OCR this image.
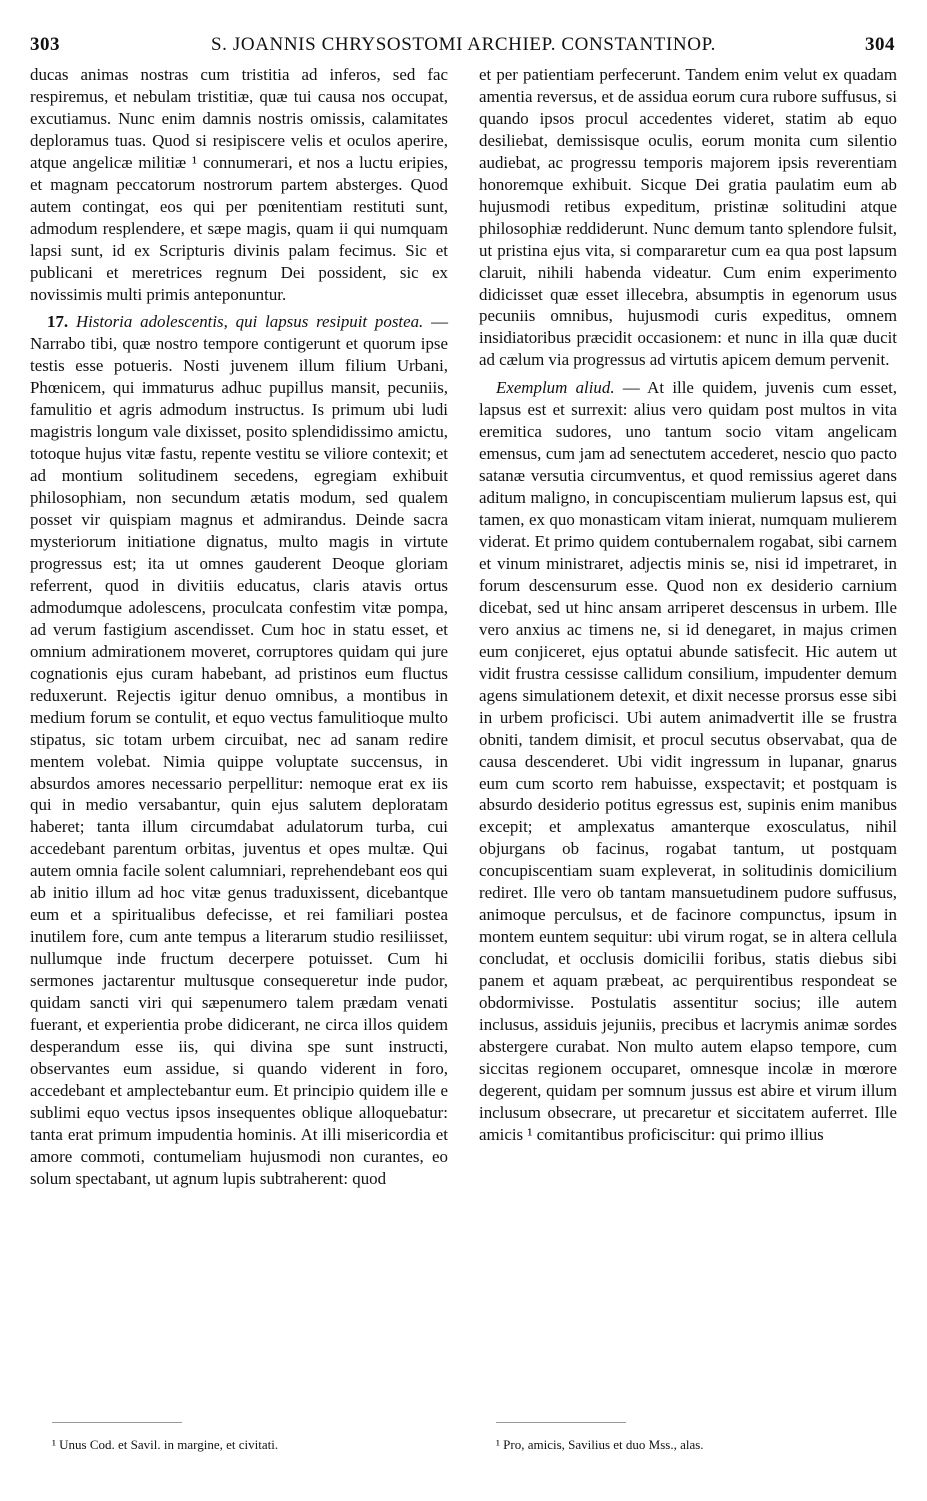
303	S. JOANNIS CHRYSOSTOMI ARCHIEP. CONSTANTINOP.	304

ducas animas nostras cum tristitia ad inferos, sed fac respiremus, et nebulam tristitiæ, quæ tui causa nos occupat, excutiamus. Nunc enim damnis nostris omissis, calamitates deploramus tuas. Quod si resipiscere velis et oculos aperire, atque angelicæ militiæ ¹ connumerari, et nos a luctu eripies, et magnam peccatorum nostrorum partem absterges. Quod autem contingat, eos qui per pœnitentiam restituti sunt, admodum resplendere, et sæpe magis, quam ii qui numquam lapsi sunt, id ex Scripturis divinis palam fecimus. Sic et publicani et meretrices regnum Dei possident, sic ex novissimis multi primis anteponuntur.

17. Historia adolescentis, qui lapsus resipuit postea. — Narrabo tibi, quæ nostro tempore contigerunt et quorum ipse testis esse potueris. Nosti juvenem illum filium Urbani, Phœnicem, qui immaturus adhuc pupillus mansit, pecuniis, famulitio et agris admodum instructus. Is primum ubi ludi magistris longum vale dixisset, posito splendidissimo amictu, totoque hujus vitæ fastu, repente vestitu se viliore contexit; et ad montium solitudinem secedens, egregiam exhibuit philosophiam, non secundum ætatis modum, sed qualem posset vir quispiam magnus et admirandus. Deinde sacra mysteriorum initiatione dignatus, multo magis in virtute progressus est; ita ut omnes gauderent Deoque gloriam referrent, quod in divitiis educatus, claris atavis ortus admodumque adolescens, proculcata confestim vitæ pompa, ad verum fastigium ascendisset. Cum hoc in statu esset, et omnium admirationem moveret, corruptores quidam qui jure cognationis ejus curam habebant, ad pristinos eum fluctus reduxerunt. Rejectis igitur denuo omnibus, a montibus in medium forum se contulit, et equo vectus famulitioque multo stipatus, sic totam urbem circuibat, nec ad sanam redire mentem volebat. Nimia quippe voluptate succensus, in absurdos amores necessario perpellitur: nemoque erat ex iis qui in medio versabantur, quin ejus salutem deploratam haberet; tanta illum circumdabat adulatorum turba, cui accedebant parentum orbitas, juventus et opes multæ. Qui autem omnia facile solent calumniari, reprehendebant eos qui ab initio illum ad hoc vitæ genus traduxissent, dicebantque eum et a spiritualibus defecisse, et rei familiari postea inutilem fore, cum ante tempus a literarum studio resiliisset, nullumque inde fructum decerpere potuisset. Cum hi sermones jactarentur multusque consequeretur inde pudor, quidam sancti viri qui sæpenumero talem prædam venati fuerant, et experientia probe didicerant, ne circa illos quidem desperandum esse iis, qui divina spe sunt instructi, observantes eum assidue, si quando viderent in foro, accedebant et amplectebantur eum. Et principio quidem ille e sublimi equo vectus ipsos insequentes oblique alloquebatur: tanta erat primum impudentia hominis. At illi misericordia et amore commoti, contumeliam hujusmodi non curantes, eo solum spectabant, ut agnum lupis subtraherent: quod

et per patientiam perfecerunt. Tandem enim velut ex quadam amentia reversus, et de assidua eorum cura rubore suffusus, si quando ipsos procul accedentes videret, statim ab equo desiliebat, demissisque oculis, eorum monita cum silentio audiebat, ac progressu temporis majorem ipsis reverentiam honoremque exhibuit. Sicque Dei gratia paulatim eum ab hujusmodi retibus expeditum, pristinæ solitudini atque philosophiæ reddiderunt. Nunc demum tanto splendore fulsit, ut pristina ejus vita, si compararetur cum ea qua post lapsum claruit, nihili habenda videatur. Cum enim experimento didicisset quæ esset illecebra, absumptis in egenorum usus pecuniis omnibus, hujusmodi curis expeditus, omnem insidiatoribus præcidit occasionem: et nunc in illa quæ ducit ad cælum via progressus ad virtutis apicem demum pervenit.

Exemplum aliud. — At ille quidem, juvenis cum esset, lapsus est et surrexit: alius vero quidam post multos in vita eremitica sudores, uno tantum socio vitam angelicam emensus, cum jam ad senectutem accederet, nescio quo pacto satanæ versutia circumventus, et quod remissius ageret dans aditum maligno, in concupiscentiam mulierum lapsus est, qui tamen, ex quo monasticam vitam inierat, numquam mulierem viderat. Et primo quidem contubernalem rogabat, sibi carnem et vinum ministraret, adjectis minis se, nisi id impetraret, in forum descensurum esse. Quod non ex desiderio carnium dicebat, sed ut hinc ansam arriperet descensus in urbem. Ille vero anxius ac timens ne, si id denegaret, in majus crimen eum conjiceret, ejus optatui abunde satisfecit. Hic autem ut vidit frustra cessisse callidum consilium, impudenter demum agens simulationem detexit, et dixit necesse prorsus esse sibi in urbem proficisci. Ubi autem animadvertit ille se frustra obniti, tandem dimisit, et procul secutus observabat, qua de causa descenderet. Ubi vidit ingressum in lupanar, gnarus eum cum scorto rem habuisse, exspectavit; et postquam is absurdo desiderio potitus egressus est, supinis enim manibus excepit; et amplexatus amanterque exosculatus, nihil objurgans ob facinus, rogabat tantum, ut postquam concupiscentiam suam expleverat, in solitudinis domicilium rediret. Ille vero ob tantam mansuetudinem pudore suffusus, animoque perculsus, et de facinore compunctus, ipsum in montem euntem sequitur: ubi virum rogat, se in altera cellula concludat, et occlusis domicilii foribus, statis diebus sibi panem et aquam præbeat, ac perquirentibus respondeat se obdormivisse. Postulatis assentitur socius; ille autem inclusus, assiduis jejuniis, precibus et lacrymis animæ sordes abstergere curabat. Non multo autem elapso tempore, cum siccitas regionem occuparet, omnesque incolæ in mœrore degerent, quidam per somnum jussus est abire et virum illum inclusum obsecrare, ut precaretur et siccitatem auferret. Ille amicis ¹ comitantibus proficiscitur: qui primo illius

¹ Unus Cod. et Savil. in margine, et civitati.	¹ Pro, amicis, Savilius et duo Mss., alas.
